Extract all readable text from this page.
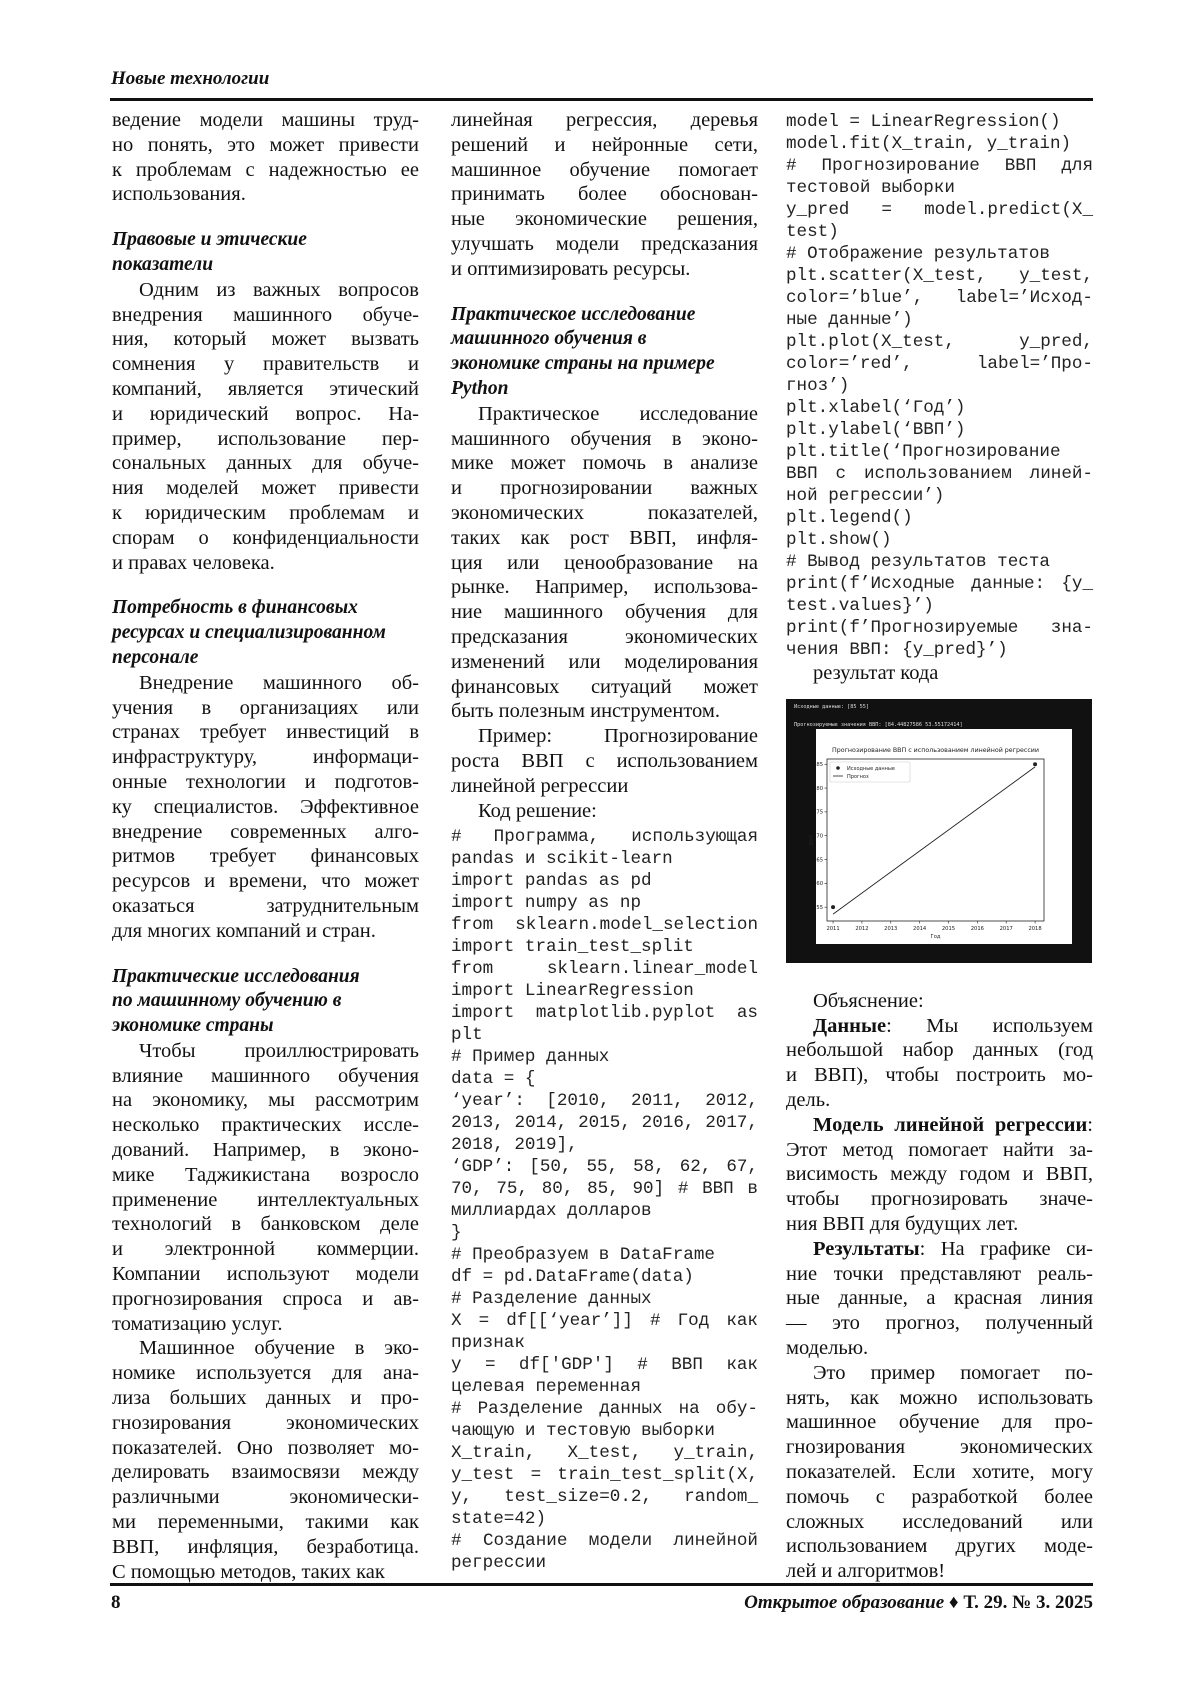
Новые технологии
ведение модели машины труд-
но понять, это может привести
к проблемам с надежностью ее
использования.
Правовые и этические
показатели
Одним из важных вопросов
внедрения машинного обуче-
ния, который может вызвать
сомнения у правительств и
компаний, является этический
и юридический вопрос. На-
пример, использование пер-
сональных данных для обуче-
ния моделей может привести
к юридическим проблемам и
спорам о конфиденциальности
и правах человека.
Потребность в финансовых
ресурсах и специализированном
персонале
Внедрение машинного об-
учения в организациях или
странах требует инвестиций в
инфраструктуру, информаци-
онные технологии и подготов-
ку специалистов. Эффективное
внедрение современных алго-
ритмов требует финансовых
ресурсов и времени, что может
оказаться затруднительным
для многих компаний и стран.
Практические исследования
по машинному обучению в
экономике страны
Чтобы проиллюстрировать
влияние машинного обучения
на экономику, мы рассмотрим
несколько практических иссле-
дований. Например, в эконо-
мике Таджикистана возросло
применение интеллектуальных
технологий в банковском деле
и электронной коммерции.
Компании используют модели
прогнозирования спроса и ав-
томатизацию услуг.
Машинное обучение в эко-
номике используется для ана-
лиза больших данных и про-
гнозирования экономических
показателей. Оно позволяет мо-
делировать взаимосвязи между
различными экономически-
ми переменными, такими как
ВВП, инфляция, безработица.
С помощью методов, таких как
линейная регрессия, деревья
решений и нейронные сети,
машинное обучение помогает
принимать более обоснован-
ные экономические решения,
улучшать модели предсказания
и оптимизировать ресурсы.
Практическое исследование
машинного обучения в
экономике страны на примере
Python
Практическое исследование
машинного обучения в эконо-
мике может помочь в анализе
и прогнозировании важных
экономических показателей,
таких как рост ВВП, инфля-
ция или ценообразование на
рынке. Например, использова-
ние машинного обучения для
предсказания экономических
изменений или моделирования
финансовых ситуаций может
быть полезным инструментом.
Пример: Прогнозирование
роста ВВП с использованием
линейной регрессии
Код решение:
# Программа, использующая
pandas и scikit-learn
import pandas as pd
import numpy as np
from sklearn.model_selection
import train_test_split
from sklearn.linear_model
import LinearRegression
import matplotlib.pyplot as
plt
# Пример данных
data = {
‘year’: [2010, 2011, 2012,
2013, 2014, 2015, 2016, 2017,
2018, 2019],
‘GDP’: [50, 55, 58, 62, 67,
70, 75, 80, 85, 90] # ВВП в
миллиардах долларов
}
# Преобразуем в DataFrame
df = pd.DataFrame(data)
# Разделение данных
X = df[[‘year’]] # Год как
признак
y = df['GDP'] # ВВП как
целевая переменная
# Разделение данных на обу-
чающую и тестовую выборки
X_train, X_test, y_train,
y_test = train_test_split(X,
y, test_size=0.2, random_
state=42)
# Создание модели линейной
регрессии
model = LinearRegression()
model.fit(X_train, y_train)
# Прогнозирование ВВП для
тестовой выборки
y_pred = model.predict(X_
test)
# Отображение результатов
plt.scatter(X_test, y_test,
color=’blue’, label=’Исход-
ные данные’)
plt.plot(X_test, y_pred,
color=’red’, label=’Про-
гноз’)
plt.xlabel(‘Год’)
plt.ylabel(‘ВВП’)
plt.title(‘Прогнозирование
ВВП с использованием линей-
ной регрессии’)
plt.legend()
plt.show()
# Вывод результатов теста
print(f’Исходные данные: {y_
test.values}’)
print(f’Прогнозируемые зна-
чения ВВП: {y_pred}’)
результат кода
Исходные данные: [85 55]
Прогнозируемые значения ВВП: [84.44827586 53.55172414]
Прогнозирование ВВП с использованием линейной регрессии
2011	2012	2013	2014	2015	2016	2017	2018
55
60
65
70
75
80
85
Год
ВВП
Исходные данные
Прогноз
Объяснение:
Данные: Мы используем
небольшой набор данных (год
и ВВП), чтобы построить мо-
дель.
Модель линейной регрессии:
Этот метод помогает найти за-
висимость между годом и ВВП,
чтобы прогнозировать значе-
ния ВВП для будущих лет.
Результаты: На графике си-
ние точки представляют реаль-
ные данные, а красная линия
— это прогноз, полученный
моделью.
Это пример помогает по-
нять, как можно использовать
машинное обучение для про-
гнозирования экономических
показателей. Если хотите, могу
помочь с разработкой более
сложных исследований или
использованием других моде-
лей и алгоритмов!
8	Открытое образование ♦ Т. 29. № 3. 2025
